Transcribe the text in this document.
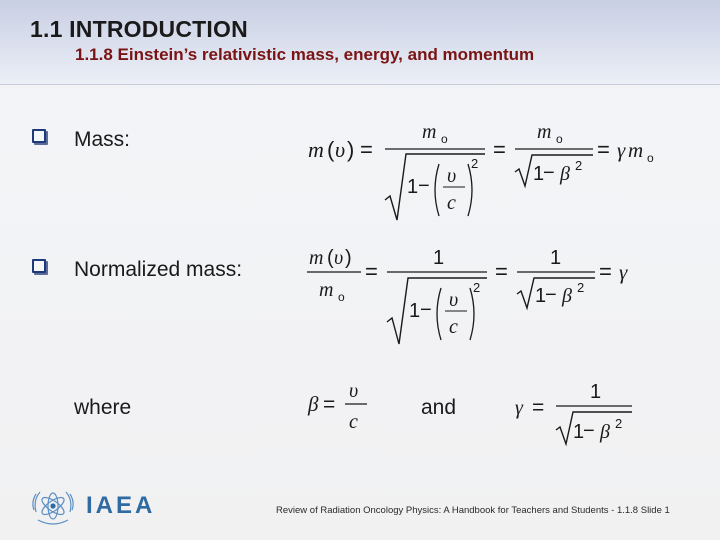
1.1 INTRODUCTION
1.1.8 Einstein’s relativistic mass, energy, and momentum
Mass:	m ( υ ) =
m o
1 − υ
c
2
=
m o
1
− β 2
= γ m o
Normalized mass:	m ( υ )
m o
=
1
1 − υ
c
2
=
1
1
− β 2
= γ
where	β =
υ
c
and	γ =
1
1
− β 2
IAEA	Review of Radiation Oncology Physics: A Handbook for Teachers and Students - 1.1.8 Slide 1
